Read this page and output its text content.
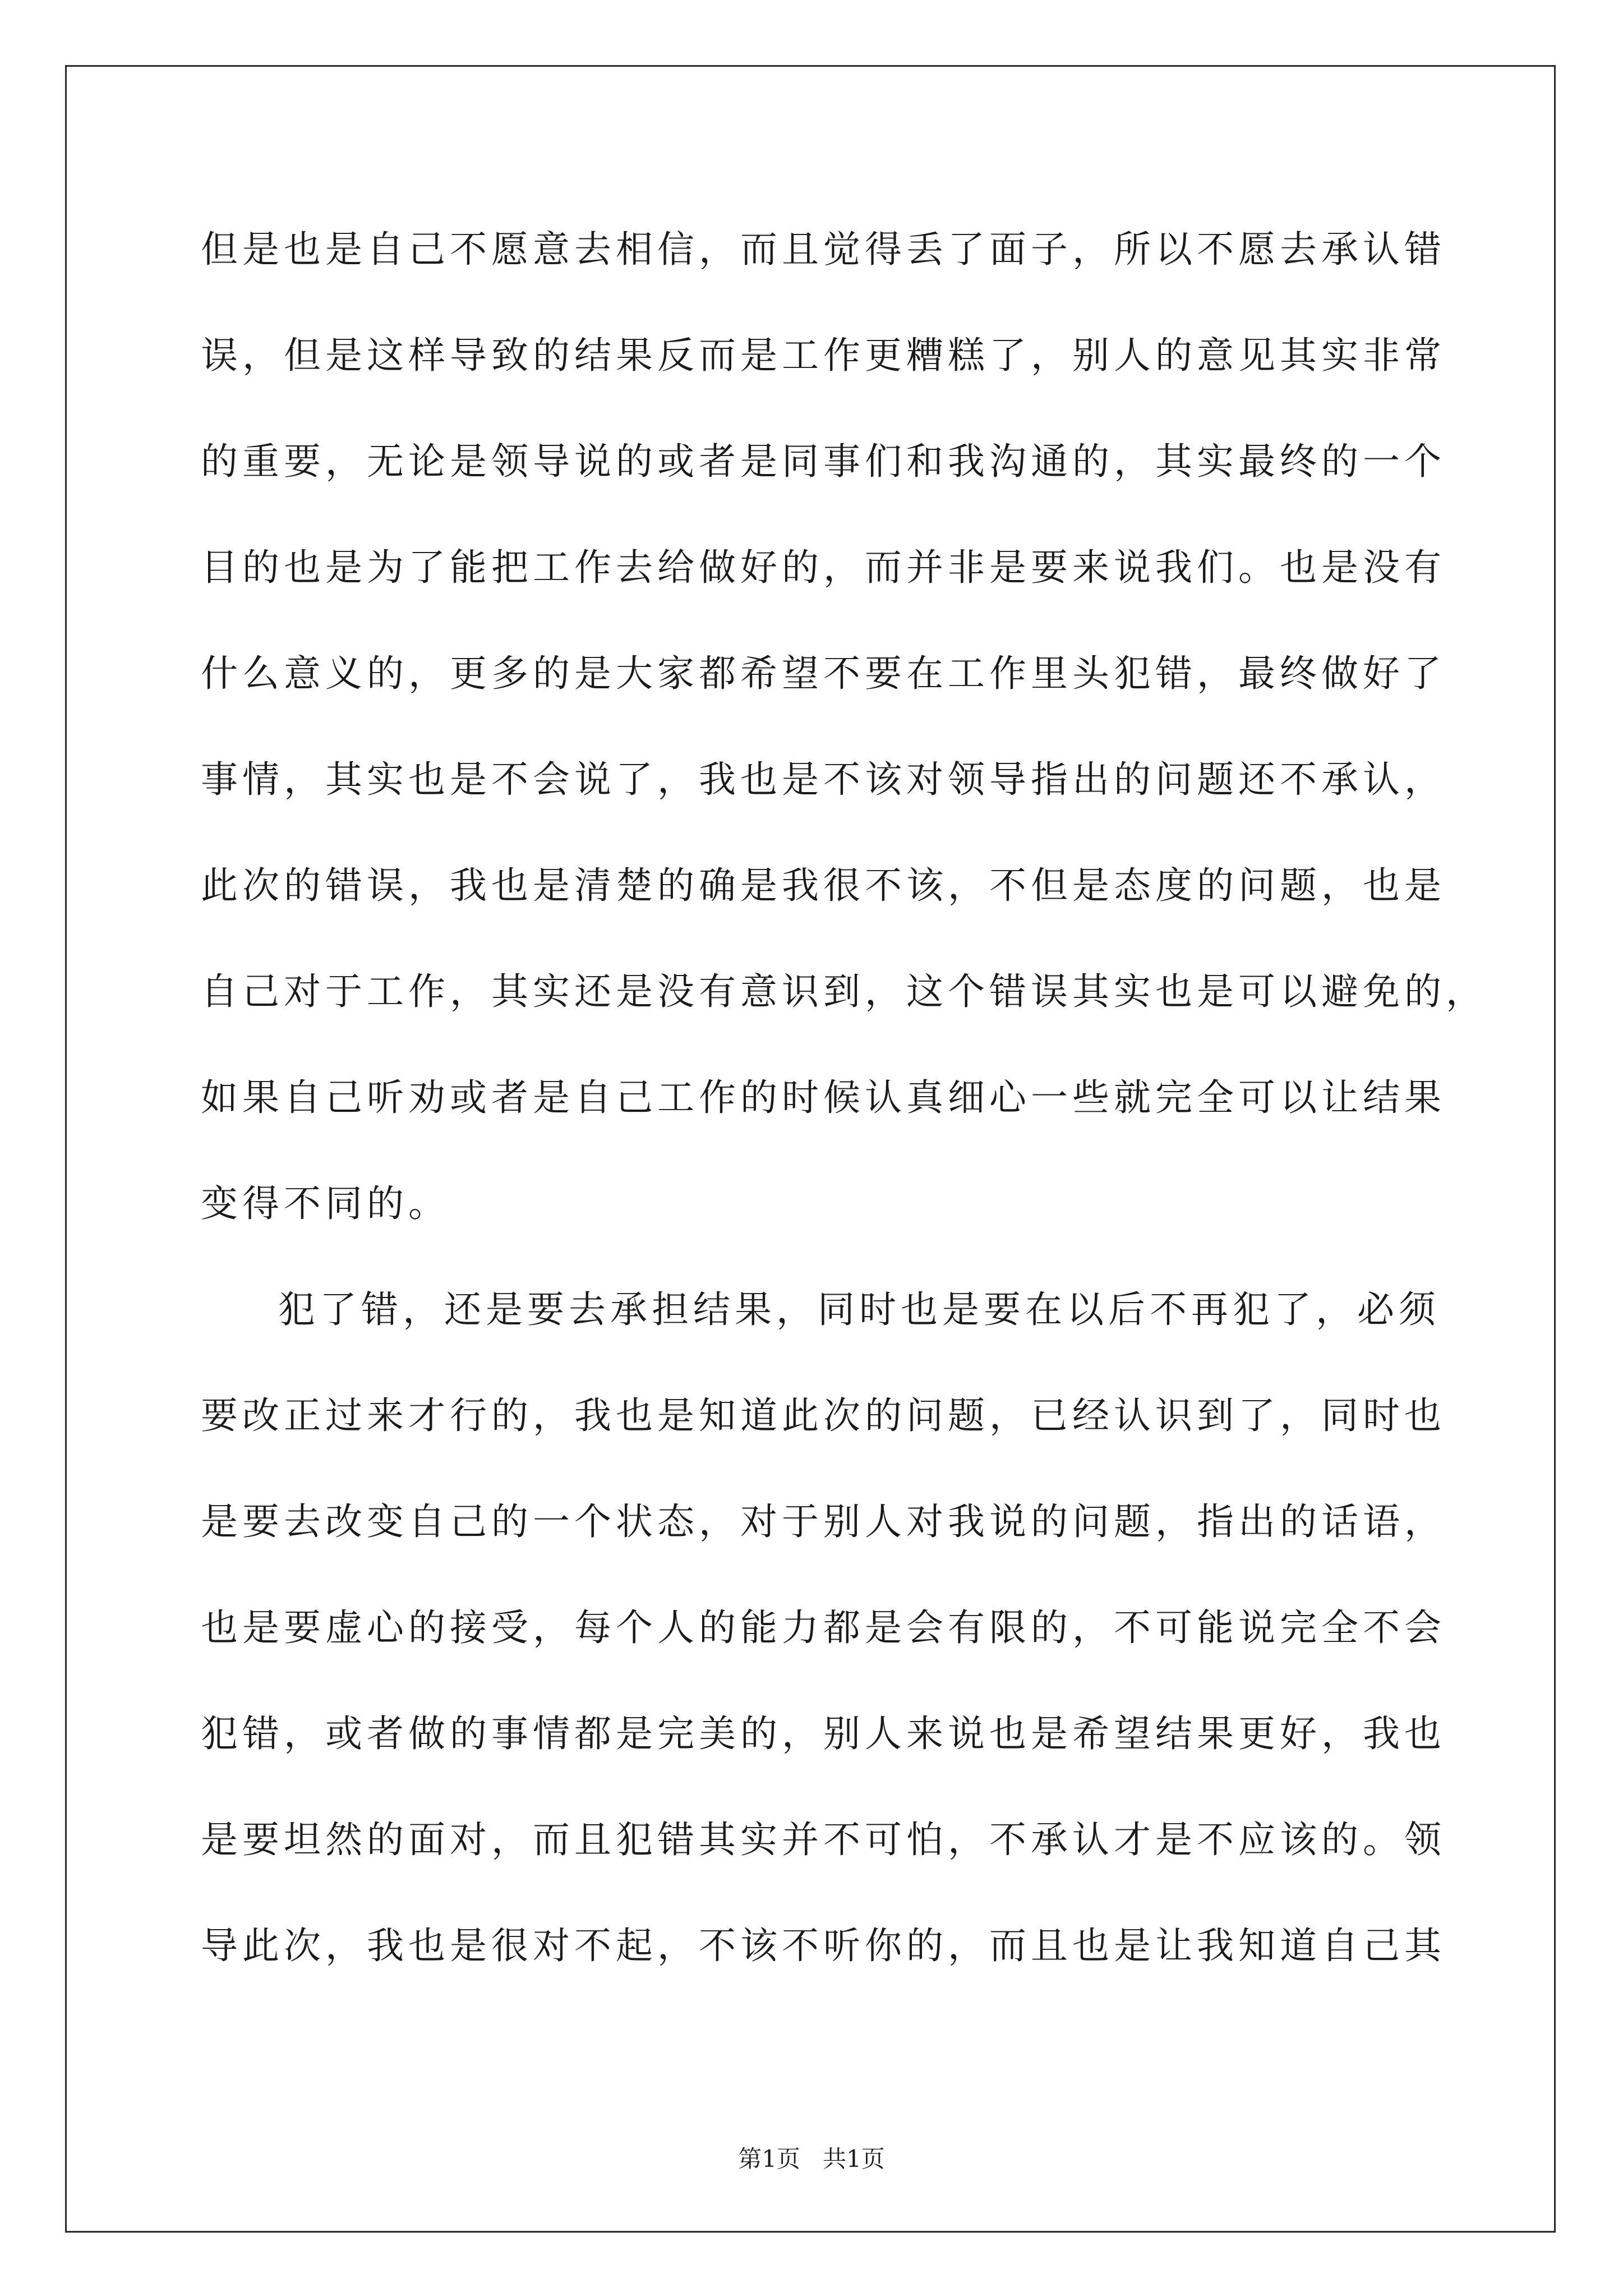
但是也是自己不愿意去相信，而且觉得丢了面子，所以不愿去承认错
误，但是这样导致的结果反而是工作更糟糕了，别人的意见其实非常
的重要，无论是领导说的或者是同事们和我沟通的，其实最终的一个
目的也是为了能把工作去给做好的，而并非是要来说我们。也是没有
什么意义的，更多的是大家都希望不要在工作里头犯错，最终做好了
事情，其实也是不会说了，我也是不该对领导指出的问题还不承认，
此次的错误，我也是清楚的确是我很不该，不但是态度的问题，也是
自己对于工作，其实还是没有意识到，这个错误其实也是可以避免的，
如果自己听劝或者是自己工作的时候认真细心一些就完全可以让结果
变得不同的。
犯了错，还是要去承担结果，同时也是要在以后不再犯了，必须
要改正过来才行的，我也是知道此次的问题，已经认识到了，同时也
是要去改变自己的一个状态，对于别人对我说的问题，指出的话语，
也是要虚心的接受，每个人的能力都是会有限的，不可能说完全不会
犯错，或者做的事情都是完美的，别人来说也是希望结果更好，我也
是要坦然的面对，而且犯错其实并不可怕，不承认才是不应该的。领
导此次，我也是很对不起，不该不听你的，而且也是让我知道自己其
第1页 共1页
